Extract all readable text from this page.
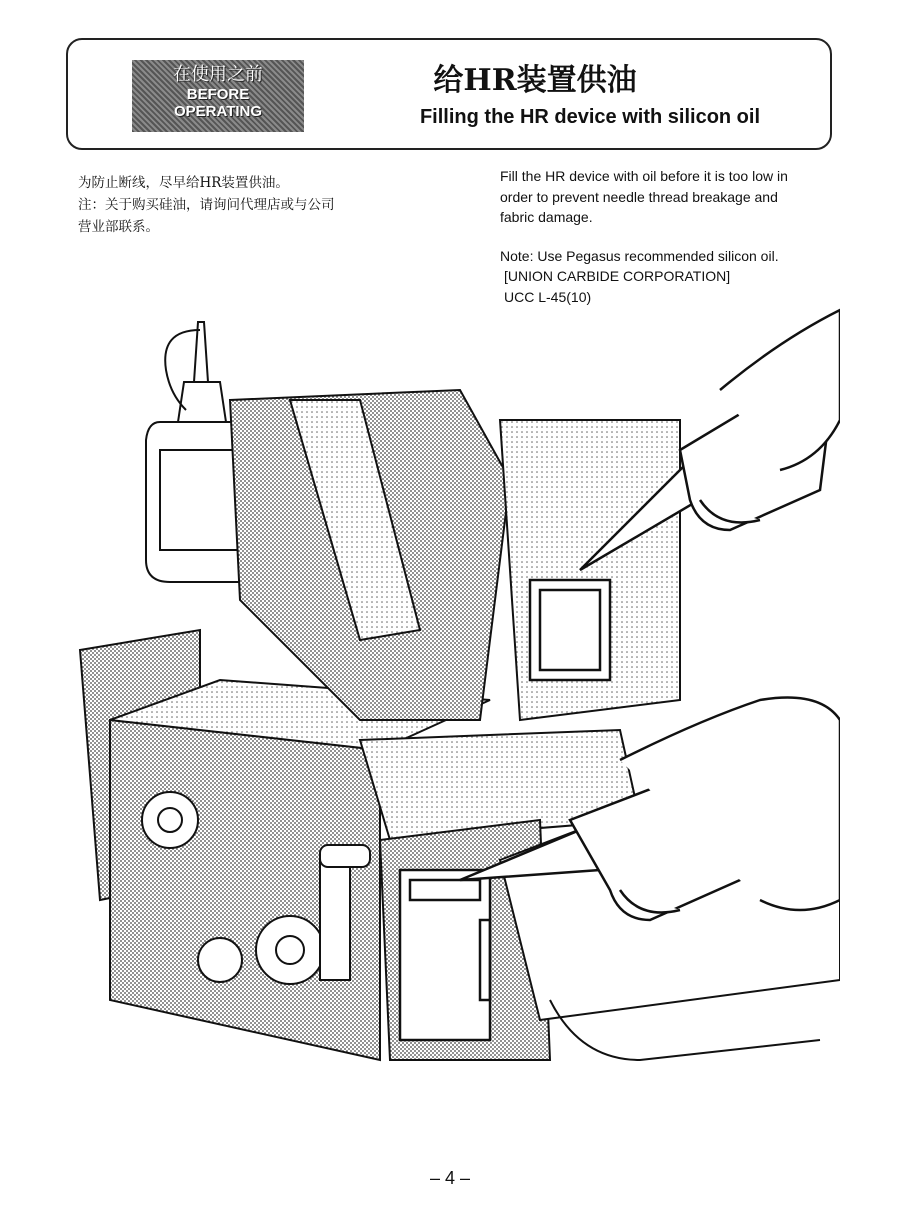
在使用之前
BEFORE
OPERATING
给HR装置供油
Filling the HR device with silicon oil

为防止断线，尽早给HR装置供油。

注：关于购买硅油，请询问代理店或与公司

营业部联系。

Fill the HR device with oil before it is too low in

order to prevent needle thread breakage and

fabric damage.

Note: Use Pegasus recommended silicon oil.

[UNION CARBIDE CORPORATION]

UCC L-45(10)

– 4 –
